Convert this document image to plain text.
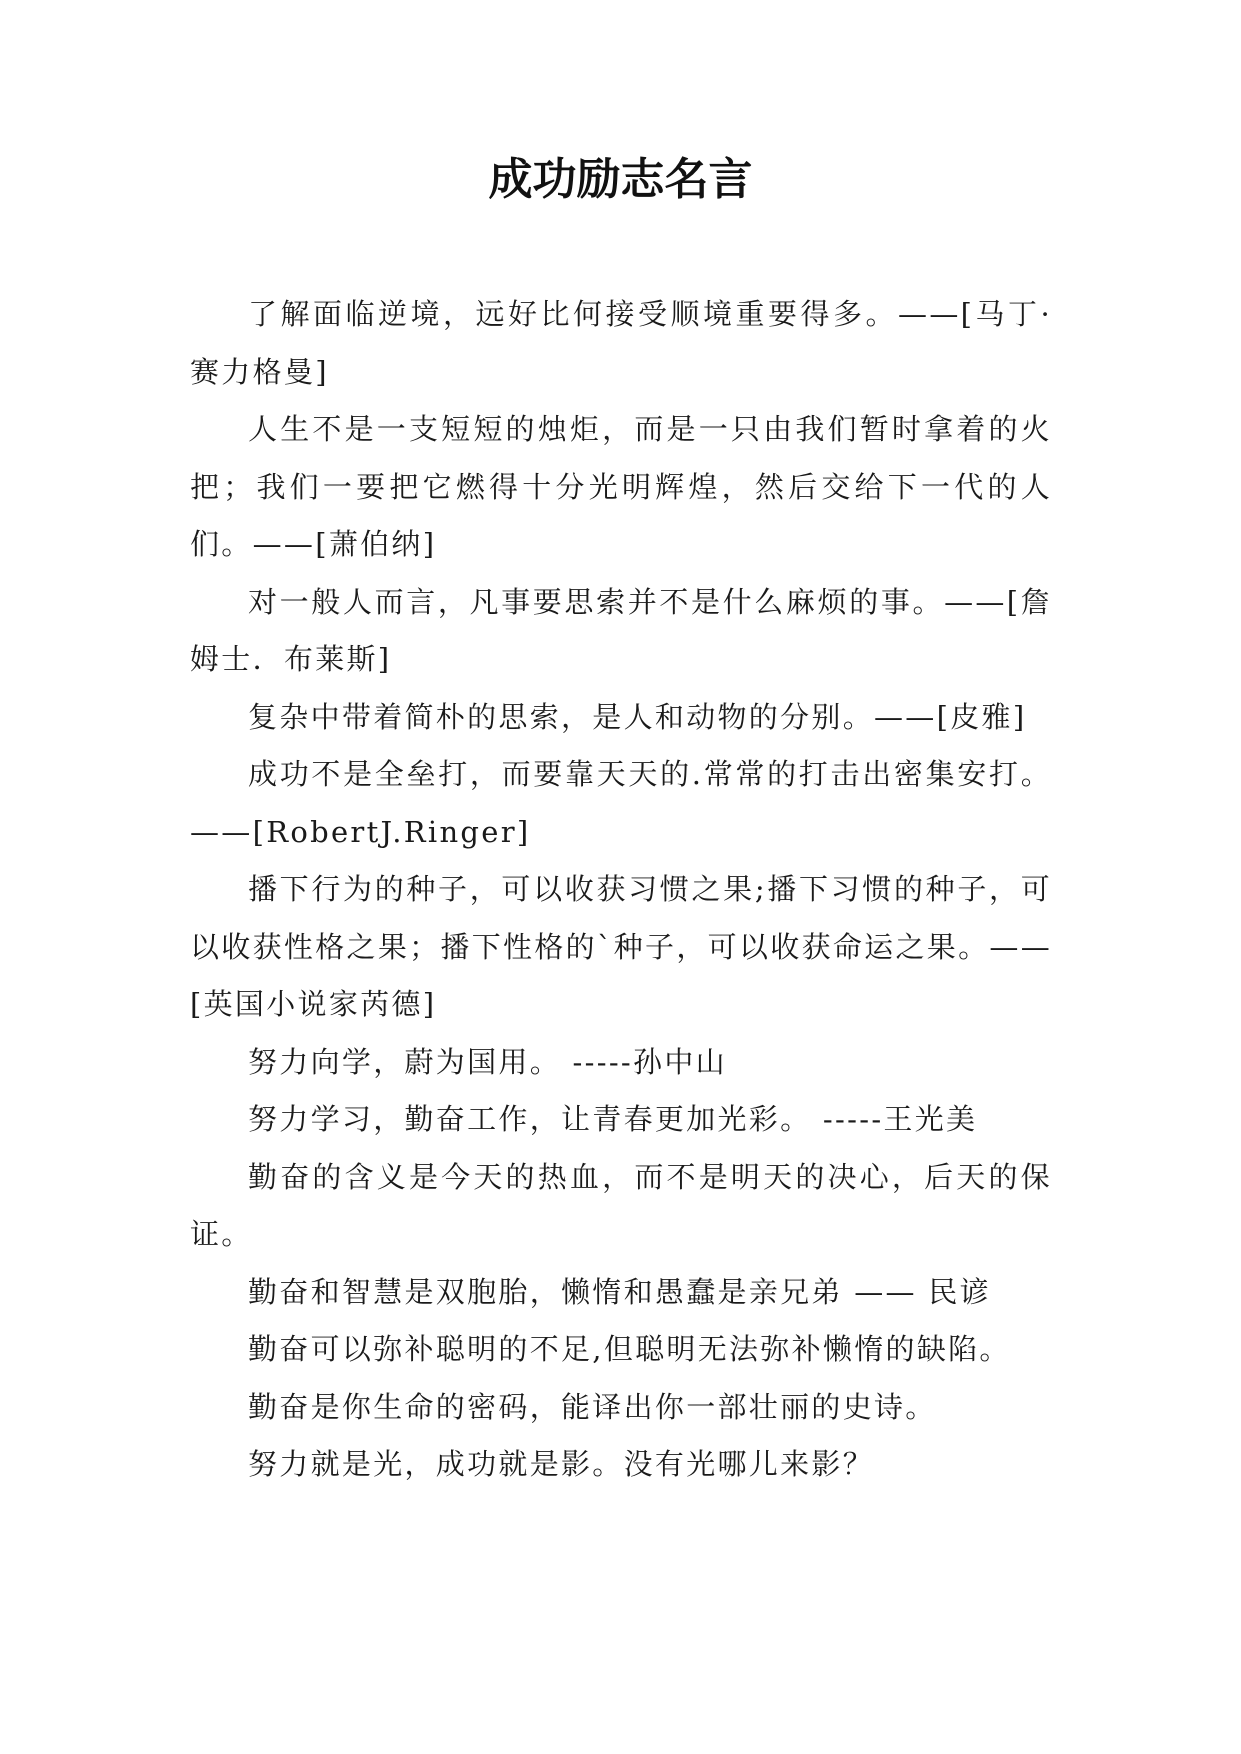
成功励志名言

了解面临逆境，远好比何接受顺境重要得多。——[马丁·赛力格曼]

人生不是一支短短的烛炬，而是一只由我们暂时拿着的火把；我们一要把它燃得十分光明辉煌，然后交给下一代的人们。——[萧伯纳]

对一般人而言，凡事要思索并不是什么麻烦的事。——[詹姆士．布莱斯]

复杂中带着简朴的思索，是人和动物的分别。——[皮雅]

成功不是全垒打，而要靠天天的.常常的打击出密集安打。——[RobertJ.Ringer]

播下行为的种子，可以收获习惯之果;播下习惯的种子，可以收获性格之果；播下性格的`种子，可以收获命运之果。——[英国小说家芮德]

努力向学，蔚为国用。 -----孙中山

努力学习，勤奋工作，让青春更加光彩。 -----王光美

勤奋的含义是今天的热血，而不是明天的决心，后天的保证。

勤奋和智慧是双胞胎，懒惰和愚蠢是亲兄弟 —— 民谚

勤奋可以弥补聪明的不足,但聪明无法弥补懒惰的缺陷。

勤奋是你生命的密码，能译出你一部壮丽的史诗。

努力就是光，成功就是影。没有光哪儿来影？
